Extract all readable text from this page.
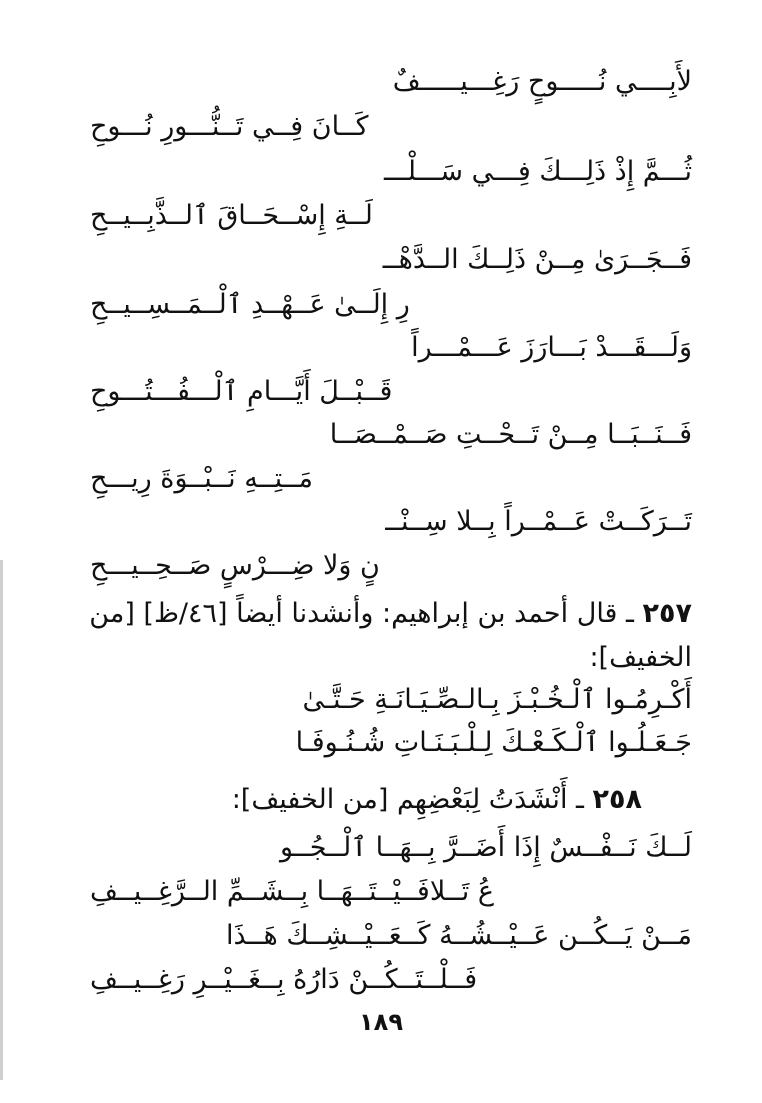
لأَبِــــي نُـــــوحٍ رَغِـــيـــــفٌ
كَــانَ فِــي تَــنُّـــورِ نُـــوحِ
ثُـــمَّ إِذْ ذَلِـــكَ فِـــي سَـــلْـــ
لَــةِ إِسْــحَــاقَ ٱلــذَّبِــيــحِ
فَــجَــرَىٰ مِــنْ ذَلِــكَ الــدَّهْــ
رِ إِلَــىٰ عَــهْــدِ ٱلْــمَــسِــيــحِ
وَلَـــقَـــدْ بَـــارَزَ عَـــمْـــراً
قَــبْــلَ أَيَّـــامِ ٱلْـــفُـــتُـــوحِ
فَــنَــبَــا مِــنْ تَــحْــتِ صَــمْــصَــا
مَــتِــهِ نَــبْــوَةَ رِيـــحِ
تَــرَكَــتْ عَــمْــراً بِــلا سِــنْــ
نٍ وَلا ضِـــرْسٍ صَــحِــيـــحِ
٢٥٧ ـ قال أحمد بن إبراهيم: وأنشدنا أيضاً [٤٦/ظ] [من الخفيف]:
أَكْـرِمُـوا ٱلْـخُـبْـزَ بِـالـصِّـيَـانَـةِ حَـتَّـىٰ
جَـعَـلُـوا ٱلْـكَـعْـكَ لِـلْـبَـنَـاتِ شُـنُـوفَـا
٢٥٨ ـ أَنْشَدَتُ لِبَعْضِهِم [من الخفيف]:
لَــكَ نَــفْــسٌ إِذَا أَضَــرَّ بِــهَــا ٱلْــجُــو
عُ تَــلافَــيْــتَــهَــا بِــشَــمِّ الــرَّغِــيــفِ
مَــنْ يَــكُــن عَــيْــشُــهُ كَــعَــيْــشِــكَ هَــذَا
فَــلْــتَــكُــنْ دَارُهُ بِــغَــيْــرِ رَغِــيــفِ
١٨٩
